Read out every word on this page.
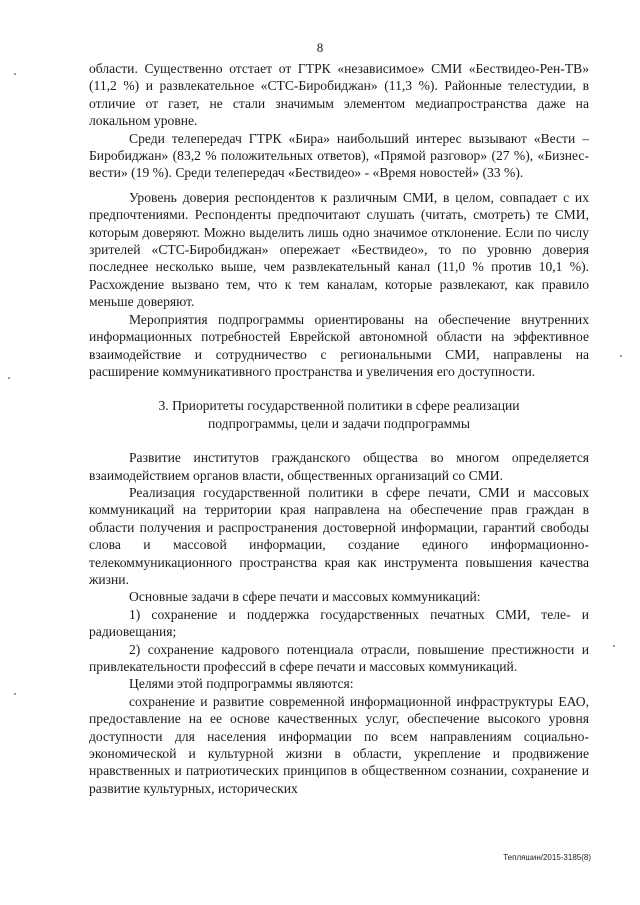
8

области. Существенно отстает от ГТРК «независимое» СМИ «Бествидео-Рен-ТВ» (11,2 %) и развлекательное «СТС-Биробиджан» (11,3 %). Районные телестудии, в отличие от газет, не стали значимым элементом медиапространства даже на локальном уровне.

Среди телепередач ГТРК «Бира» наибольший интерес вызывают «Вести – Биробиджан» (83,2 % положительных ответов), «Прямой разговор» (27 %), «Бизнес-вести» (19 %). Среди телепередач «Бествидео» - «Время новостей» (33 %).

Уровень доверия респондентов к различным СМИ, в целом, совпадает с их предпочтениями. Респонденты предпочитают слушать (читать, смотреть) те СМИ, которым доверяют. Можно выделить лишь одно значимое отклонение. Если по числу зрителей «СТС-Биробиджан» опережает «Бествидео», то по уровню доверия последнее несколько выше, чем развлекательный канал (11,0 % против 10,1 %). Расхождение вызвано тем, что к тем каналам, которые развлекают, как правило меньше доверяют.

Мероприятия подпрограммы ориентированы на обеспечение внутренних информационных потребностей Еврейской автономной области на эффективное взаимодействие и сотрудничество с региональными СМИ, направлены на расширение коммуникативного пространства и увеличения его доступности.

3. Приоритеты государственной политики в сфере реализации
подпрограммы, цели и задачи подпрограммы

Развитие институтов гражданского общества во многом определяется взаимодействием органов власти, общественных организаций со СМИ.

Реализация государственной политики в сфере печати, СМИ и массовых коммуникаций на территории края направлена на обеспечение прав граждан в области получения и распространения достоверной информации, гарантий свободы слова и массовой информации, создание единого информационно-телекоммуникационного пространства края как инструмента повышения качества жизни.

Основные задачи в сфере печати и массовых коммуникаций:

1) сохранение и поддержка государственных печатных СМИ, теле- и радиовещания;

2) сохранение кадрового потенциала отрасли, повышение престижности и привлекательности профессий в сфере печати и массовых коммуникаций.

Целями этой подпрограммы являются:

сохранение и развитие современной информационной инфраструктуры ЕАО, предоставление на ее основе качественных услуг, обеспечение высокого уровня доступности для населения информации по всем направлениям социально-экономической и культурной жизни в области, укрепление и продвижение нравственных и патриотических принципов в общественном сознании, сохранение и развитие культурных, исторических

Тепляшин/2015-3185(8)
